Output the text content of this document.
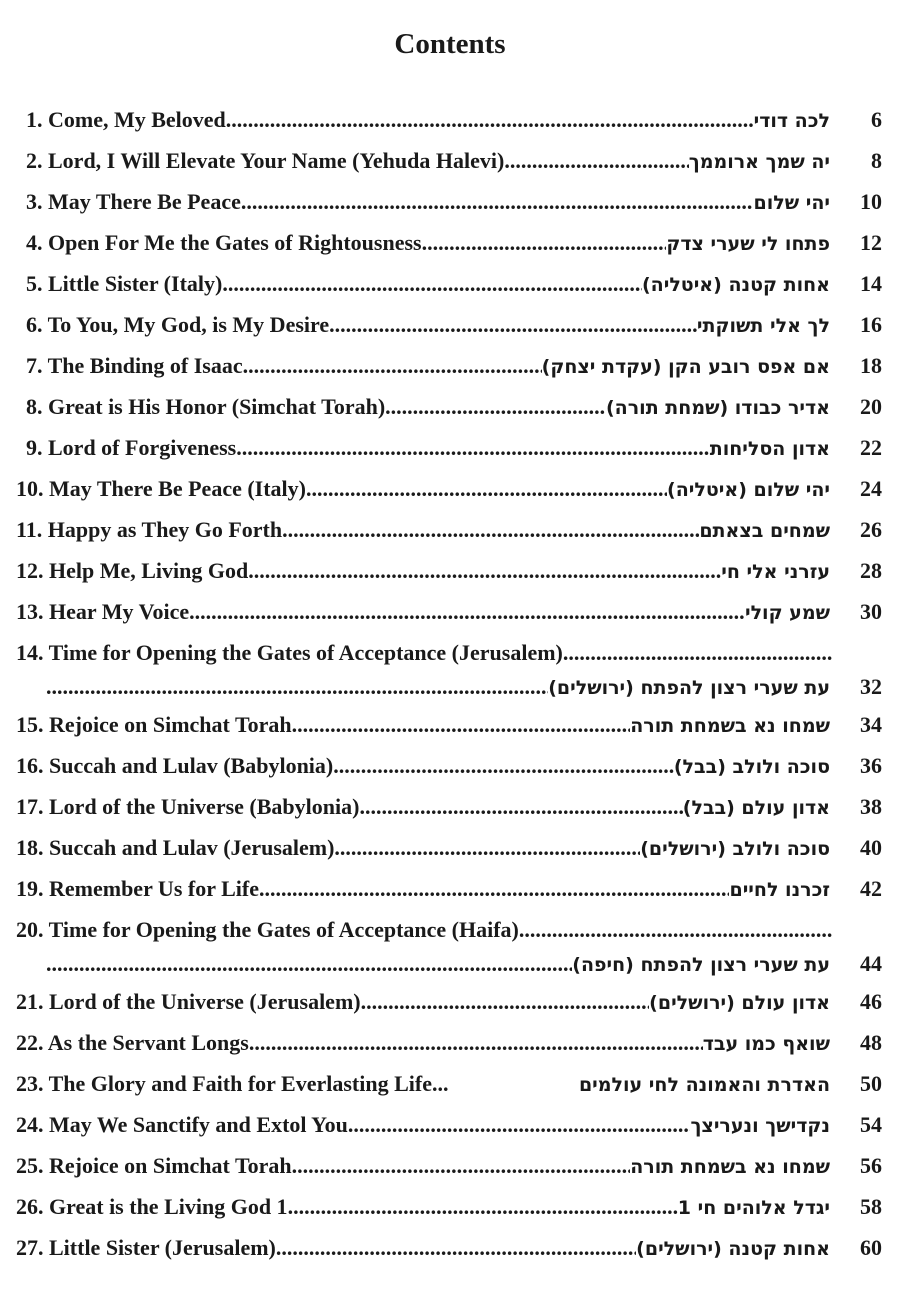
Contents
1. Come, My Beloved .....	לכה דודי	6
2. Lord, I Will Elevate Your Name (Yehuda Halevi) .....	יה שמך ארוממך	8
3. May There Be Peace .....	יהי שלום	10
4. Open For Me the Gates of Rightousness .....	פתחו לי שערי צדק	12
5. Little Sister (Italy) .....	אחות קטנה (איטליה)	14
6. To You, My God, is My Desire .....	לך אלי תשוקתי	16
7. The Binding of Isaac .....	אם אפס רובע הקן (עקדת יצחק)	18
8. Great is His Honor (Simchat Torah) .....	אדיר כבודו (שמחת תורה)	20
9. Lord of Forgiveness .....	אדון הסליחות	22
10. May There Be Peace (Italy) .....	יהי שלום (איטליה)	24
11. Happy as They Go Forth .....	שמחים בצאתם	26
12. Help Me, Living God .....	עזרני אלי חי	28
13. Hear My Voice .....	שמע קולי	30
14. Time for Opening the Gates of Acceptance (Jerusalem)
.....
.....
עת שערי רצון להפתח (ירושלים)	32
15. Rejoice on Simchat Torah .....	שמחו נא בשמחת תורה	34
16. Succah and Lulav (Babylonia) .....	סוכה ולולב (בבל)	36
17. Lord of the Universe (Babylonia) .....	אדון עולם (בבל)	38
18. Succah and Lulav (Jerusalem) .....	סוכה ולולב (ירושלים)	40
19. Remember Us for Life .....	זכרנו לחיים	42
20. Time for Opening the Gates of Acceptance (Haifa)
.....
.....
עת שערי רצון להפתח (חיפה)	44
21. Lord of the Universe (Jerusalem) .....	אדון עולם (ירושלים)	46
22. As the Servant Longs .....	שואף כמו עבד	48
23. The Glory and Faith for Everlasting Life .....	האדרת והאמונה לחי עולמים	50
24. May We Sanctify and Extol You .....	נקדישך ונעריצך	54
25. Rejoice on Simchat Torah .....	שמחו נא בשמחת תורה	56
26. Great is the Living God 1 .....	יגדל אלוהים חי 1	58
27. Little Sister (Jerusalem) .....	אחות קטנה (ירושלים)	60
